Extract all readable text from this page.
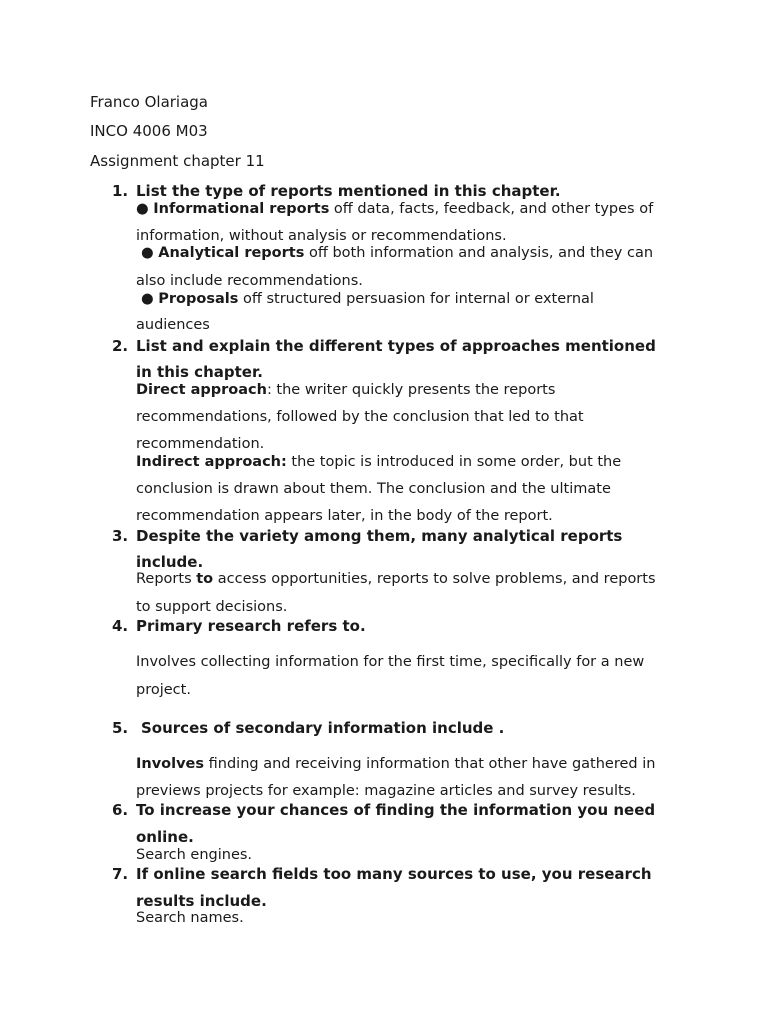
Franco Olariaga
INCO 4006 M03
Assignment chapter 11
1. List the type of reports mentioned in this chapter.
● Informational reports off data, facts, feedback, and other types of
information, without analysis or recommendations.
● Analytical reports off both information and analysis, and they can
also include recommendations.
● Proposals off structured persuasion for internal or external
audiences
2. List and explain the different types of approaches mentioned
in this chapter.
Direct approach: the writer quickly presents the reports
recommendations, followed by the conclusion that led to that
recommendation.
Indirect approach: the topic is introduced in some order, but the
conclusion is drawn about them. The conclusion and the ultimate
recommendation appears later, in the body of the report.
3. Despite the variety among them, many analytical reports
include.
Reports to access opportunities, reports to solve problems, and reports
to support decisions.
4. Primary research refers to.
Involves collecting information for the first time, specifically for a new
project.
5. Sources of secondary information include .
Involves finding and receiving information that other have gathered in
previews projects for example: magazine articles and survey results.
6. To increase your chances of finding the information you need
online.
Search engines.
7. If online search fields too many sources to use, you research
results include.
Search names.
